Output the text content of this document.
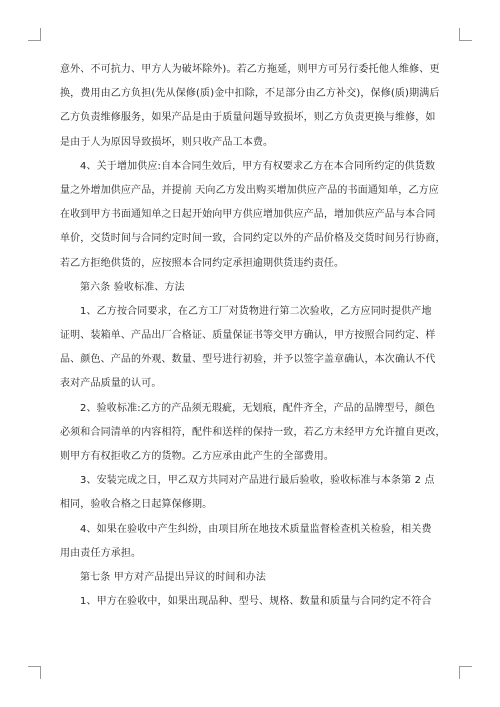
意外、不可抗力、甲方人为破坏除外)。若乙方拖延，则甲方可另行委托他人维修、更
换，费用由乙方负担(先从保修(质)金中扣除，不足部分由乙方补交)，保修(质)期满后
乙方负责维修服务，如果产品是由于质量问题导致损坏，则乙方负责更换与维修，如
是由于人为原因导致损坏，则只收产品工本费。
4、关于增加供应:自本合同生效后，甲方有权要求乙方在本合同所约定的供货数
量之外增加供应产品，并提前 天向乙方发出购买增加供应产品的书面通知单，乙方应
在收到甲方书面通知单之日起开始向甲方供应增加供应产品，增加供应产品与本合同
单价，交货时间与合同约定时间一致，合同约定以外的产品价格及交货时间另行协商，
若乙方拒绝供货的，应按照本合同约定承担逾期供货违约责任。
第六条 验收标准、方法
1、乙方按合同要求，在乙方工厂对货物进行第二次验收，乙方应同时提供产地
证明、装箱单、产品出厂合格证、质量保证书等交甲方确认，甲方按照合同约定、样
品、颜色、产品的外观、数量、型号进行初验，并予以签字盖章确认，本次确认不代
表对产品质量的认可。
2、验收标准:乙方的产品须无瑕疵，无划痕，配件齐全，产品的品牌型号，颜色
必须和合同清单的内容相符，配件和送样的保持一致，若乙方未经甲方允许擅自更改，
则甲方有权拒收乙方的货物。乙方应承由此产生的全部费用。
3、安装完成之日，甲乙双方共同对产品进行最后验收，验收标准与本条第 2 点
相同，验收合格之日起算保修期。
4、如果在验收中产生纠纷，由项目所在地技术质量监督检查机关检验，相关费
用由责任方承担。
第七条 甲方对产品提出异议的时间和办法
1、甲方在验收中，如果出现品种、型号、规格、数量和质量与合同约定不符合
